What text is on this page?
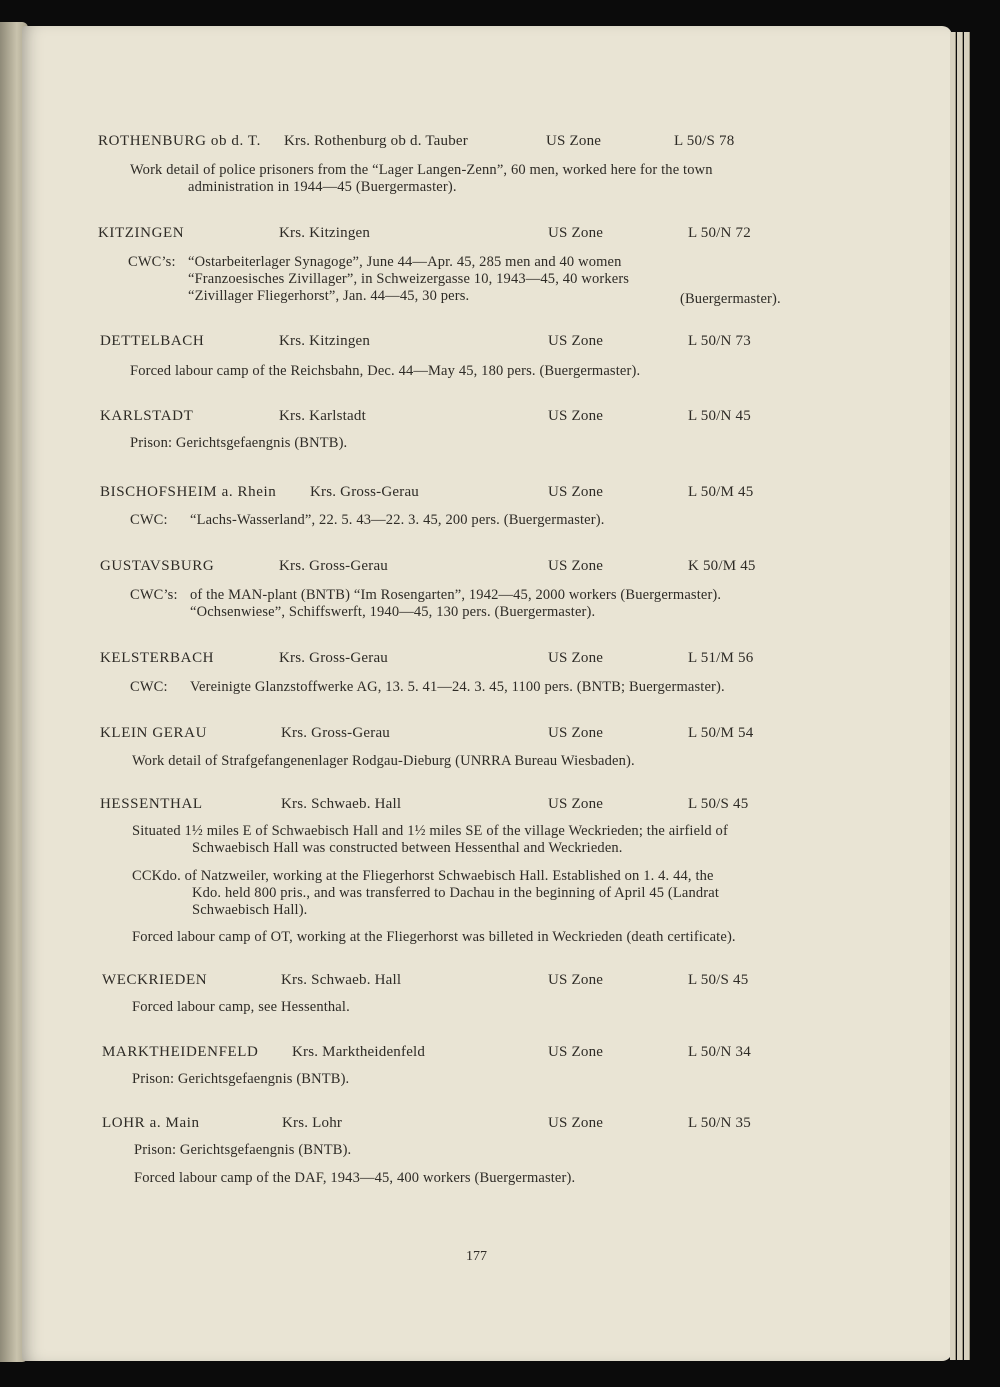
ROTHENBURG ob d. T. Krs. Rothenburg ob d. Tauber	US Zone	L 50/S 78
Work detail of police prisoners from the “Lager Langen-Zenn”, 60 men, worked here for the town
administration in 1944—45 (Buergermaster).
KITZINGEN	Krs. Kitzingen	US Zone	L 50/N 72
CWC’s: “Ostarbeiterlager Synagoge”, June 44—Apr. 45, 285 men and 40 women
“Franzoesisches Zivillager”, in Schweizergasse 10, 1943—45, 40 workers
“Zivillager Fliegerhorst”, Jan. 44—45, 30 pers.	(Buergermaster).
DETTELBACH	Krs. Kitzingen	US Zone	L 50/N 73
Forced labour camp of the Reichsbahn, Dec. 44—May 45, 180 pers. (Buergermaster).
KARLSTADT	Krs. Karlstadt	US Zone	L 50/N 45
Prison: Gerichtsgefaengnis (BNTB).
BISCHOFSHEIM a. Rhein Krs. Gross-Gerau	US Zone	L 50/M 45
CWC: “Lachs-Wasserland”, 22. 5. 43—22. 3. 45, 200 pers. (Buergermaster).
GUSTAVSBURG	Krs. Gross-Gerau	US Zone	K 50/M 45
CWC’s: of the MAN-plant (BNTB) “Im Rosengarten”, 1942—45, 2000 workers (Buergermaster).
“Ochsenwiese”, Schiffswerft, 1940—45, 130 pers. (Buergermaster).
KELSTERBACH	Krs. Gross-Gerau	US Zone	L 51/M 56
CWC: Vereinigte Glanzstoffwerke AG, 13. 5. 41—24. 3. 45, 1100 pers. (BNTB; Buergermaster).
KLEIN GERAU	Krs. Gross-Gerau	US Zone	L 50/M 54
Work detail of Strafgefangenenlager Rodgau-Dieburg (UNRRA Bureau Wiesbaden).
HESSENTHAL	Krs. Schwaeb. Hall	US Zone	L 50/S 45
Situated 1½ miles E of Schwaebisch Hall and 1½ miles SE of the village Weckrieden; the airfield of
Schwaebisch Hall was constructed between Hessenthal and Weckrieden.
CCKdo. of Natzweiler, working at the Fliegerhorst Schwaebisch Hall. Established on 1. 4. 44, the
Kdo. held 800 pris., and was transferred to Dachau in the beginning of April 45 (Landrat
Schwaebisch Hall).
Forced labour camp of OT, working at the Fliegerhorst was billeted in Weckrieden (death certificate).
WECKRIEDEN	Krs. Schwaeb. Hall	US Zone	L 50/S 45
Forced labour camp, see Hessenthal.
MARKTHEIDENFELD Krs. Marktheidenfeld	US Zone	L 50/N 34
Prison: Gerichtsgefaengnis (BNTB).
LOHR a. Main	Krs. Lohr	US Zone	L 50/N 35
Prison: Gerichtsgefaengnis (BNTB).
Forced labour camp of the DAF, 1943—45, 400 workers (Buergermaster).
177
